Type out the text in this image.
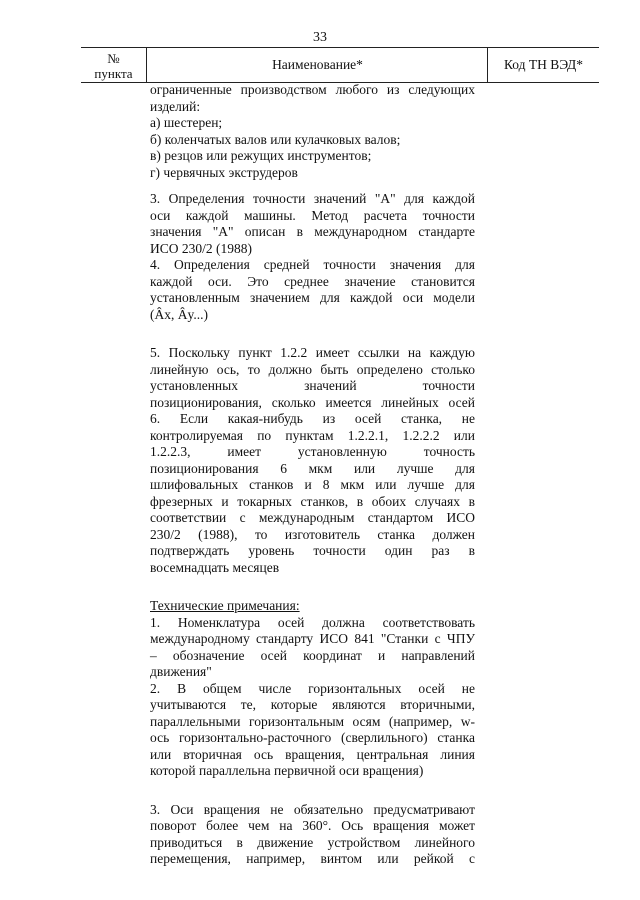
33
№
пункта
Наименование*	Код ТН ВЭД*

ограниченные производством любого из следующих

изделий:

а) шестерен;

б) коленчатых валов или кулачковых валов;

в) резцов или режущих инструментов;

г) червячных экструдеров

3. Определения точности значений "А" для каждой

оси каждой машины. Метод расчета точности

значения "А" описан в международном стандарте

ИСО 230/2 (1988)

4. Определения средней точности значения для

каждой оси. Это среднее значение становится

установленным значением для каждой оси модели

(Âx, Ây...)

5. Поскольку пункт 1.2.2 имеет ссылки на каждую

линейную ось, то должно быть определено столько

установленных значений точности

позиционирования, сколько имеется линейных осей

6. Если какая-нибудь из осей станка, не

контролируемая по пунктам 1.2.2.1, 1.2.2.2 или

1.2.2.3, имеет установленную точность

позиционирования 6 мкм или лучше для

шлифовальных станков и 8 мкм или лучше для

фрезерных и токарных станков, в обоих случаях в

соответствии с международным стандартом ИСО

230/2 (1988), то изготовитель станка должен

подтверждать уровень точности один раз в

восемнадцать месяцев

Технические примечания:

1. Номенклатура осей должна соответствовать

международному стандарту ИСО 841 "Станки с ЧПУ

– обозначение осей координат и направлений

движения"

2. В общем числе горизонтальных осей не

учитываются те, которые являются вторичными,

параллельными горизонтальным осям (например, w-

ось горизонтально-расточного (сверлильного) станка

или вторичная ось вращения, центральная линия

которой параллельна первичной оси вращения)

3. Оси вращения не обязательно предусматривают

поворот более чем на 360°. Ось вращения может

приводиться в движение устройством линейного

перемещения, например, винтом или рейкой с
